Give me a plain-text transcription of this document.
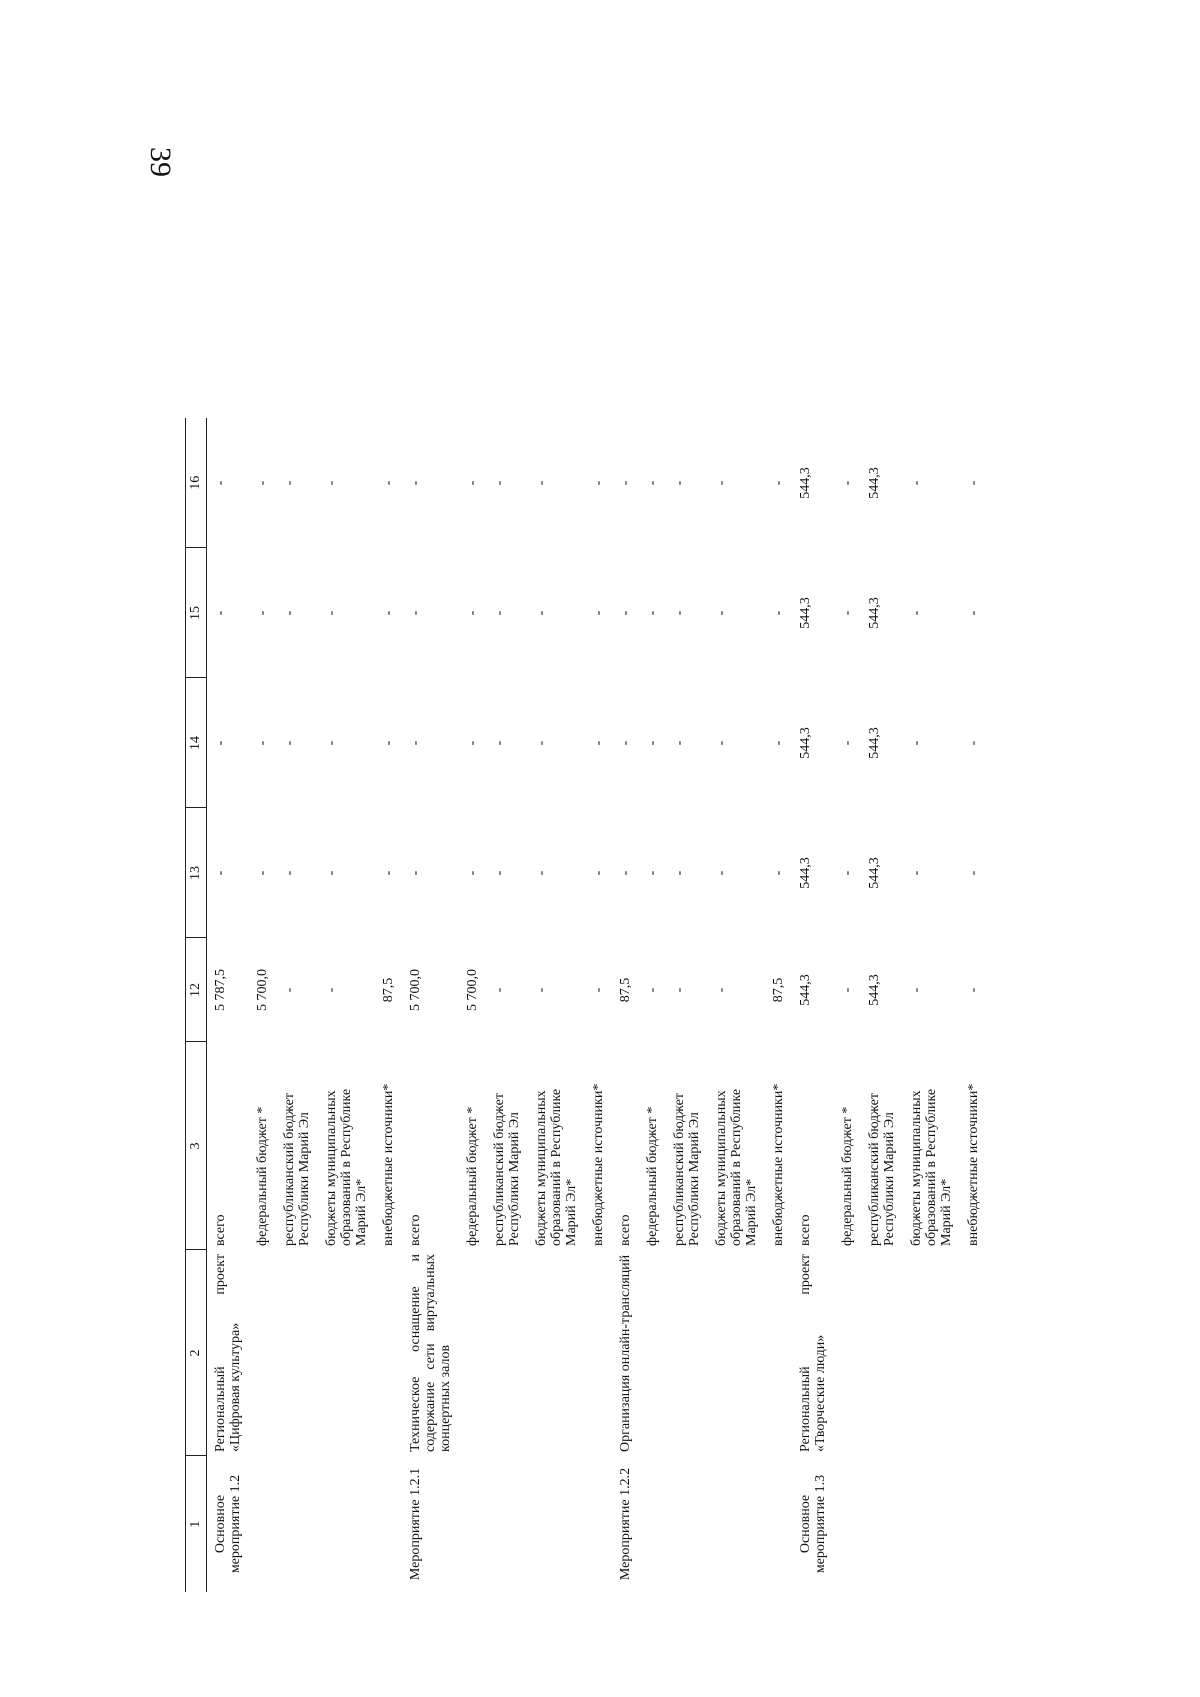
39
1	2	3	12	13	14	15	16
Основное мероприятие 1.2	Региональный проект «Цифровая культура»	всего	5 787,5	-	-	-	-
		федеральный бюджет *	5 700,0	-	-	-	-
		республиканский бюджет Республики Марий Эл	-	-	-	-	-
		бюджеты муниципальных образований в Республике Марий Эл*	-	-	-	-	-
		внебюджетные источники*	87,5	-	-	-	-
Мероприятие 1.2.1	Техническое оснащение и содержание сети виртуальных концертных залов	всего	5 700,0	-	-	-	-
		федеральный бюджет *	5 700,0	-	-	-	-
		республиканский бюджет Республики Марий Эл	-	-	-	-	-
		бюджеты муниципальных образований в Республике Марий Эл*	-	-	-	-	-
		внебюджетные источники*	-	-	-	-	-
Мероприятие 1.2.2	Организация онлайн-трансляций	всего	87,5	-	-	-	-
		федеральный бюджет *	-	-	-	-	-
		республиканский бюджет Республики Марий Эл	-	-	-	-	-
		бюджеты муниципальных образований в Республике Марий Эл*	-	-	-	-	-
		внебюджетные источники*	87,5	-	-	-	-
Основное мероприятие 1.3	Региональный проект «Творческие люди»	всего	544,3	544,3	544,3	544,3	544,3
		федеральный бюджет *	-	-	-	-	-
		республиканский бюджет Республики Марий Эл	544,3	544,3	544,3	544,3	544,3
		бюджеты муниципальных образований в Республике Марий Эл*	-	-	-	-	-
		внебюджетные источники*	-	-	-	-	-
